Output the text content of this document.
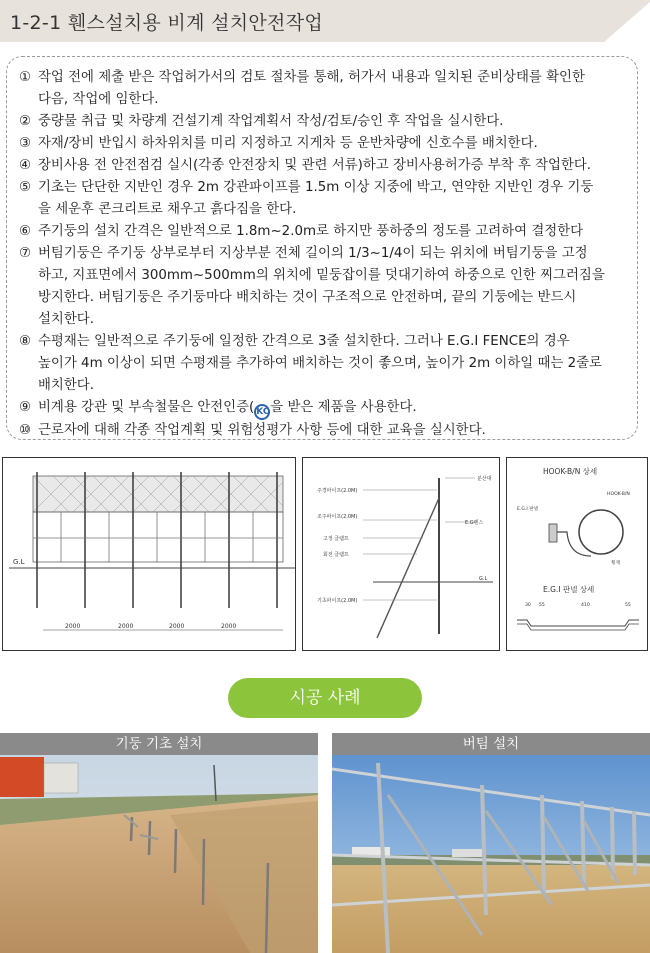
1-2-1 휀스설치용 비계 설치안전작업
① 작업 전에 제출 받은 작업허가서의 검토 절차를 통해, 허가서 내용과 일치된 준비상태를 확인한
다음, 작업에 임한다.
② 중량물 취급 및 차량계 건설기계 작업계획서 작성/검토/승인 후 작업을 실시한다.
③ 자재/장비 반입시 하차위치를 미리 지정하고 지게차 등 운반차량에 신호수를 배치한다.
④ 장비사용 전 안전점검 실시(각종 안전장치 및 관련 서류)하고 장비사용허가증 부착 후 작업한다.
⑤ 기초는 단단한 지반인 경우 2m 강관파이프를 1.5m 이상 지중에 박고, 연약한 지반인 경우 기둥
을 세운후 콘크리트로 채우고 흙다짐을 한다.
⑥ 주기둥의 설치 간격은 일반적으로 1.8m~2.0m로 하지만 풍하중의 정도를 고려하여 결정한다
⑦ 버팀기둥은 주기둥 상부로부터 지상부분 전체 길이의 1/3~1/4이 되는 위치에 버팀기둥을 고정
하고, 지표면에서 300mm~500mm의 위치에 밑둥잡이를 덧대기하여 하중으로 인한 찌그러짐을
방지한다. 버팀기둥은 주기둥마다 배치하는 것이 구조적으로 안전하며, 끝의 기둥에는 반드시
설치한다.
⑧ 수평재는 일반적으로 주기둥에 일정한 간격으로 3줄 설치한다. 그러나 E.G.I FENCE의 경우
높이가 4m 이상이 되면 수평재를 추가하여 배치하는 것이 좋으며, 높이가 2m 이하일 때는 2줄로
배치한다.
⑨ 비계용 강관 및 부속철물은 안전인증( KC을 받은 제품을 사용한다.
⑩ 근로자에 대해 각종 작업계획 및 위험성평가 사항 등에 대한 교육을 실시한다.
G.L
2000	2000	2000	2000
분산대
주경파이프(2.0M)
조주파이프(2.0M)
E.G펜스
고정 클램프
회전 클램프
기초파이프(2.0M)
G.L
HOOK-B/N 상세
HOOK-B/N
E.G.I 판넬
횡재
E.G.I 판넬 상세
30 55	410	55
시공 사례
기둥 기초 설치	버팀 설치
